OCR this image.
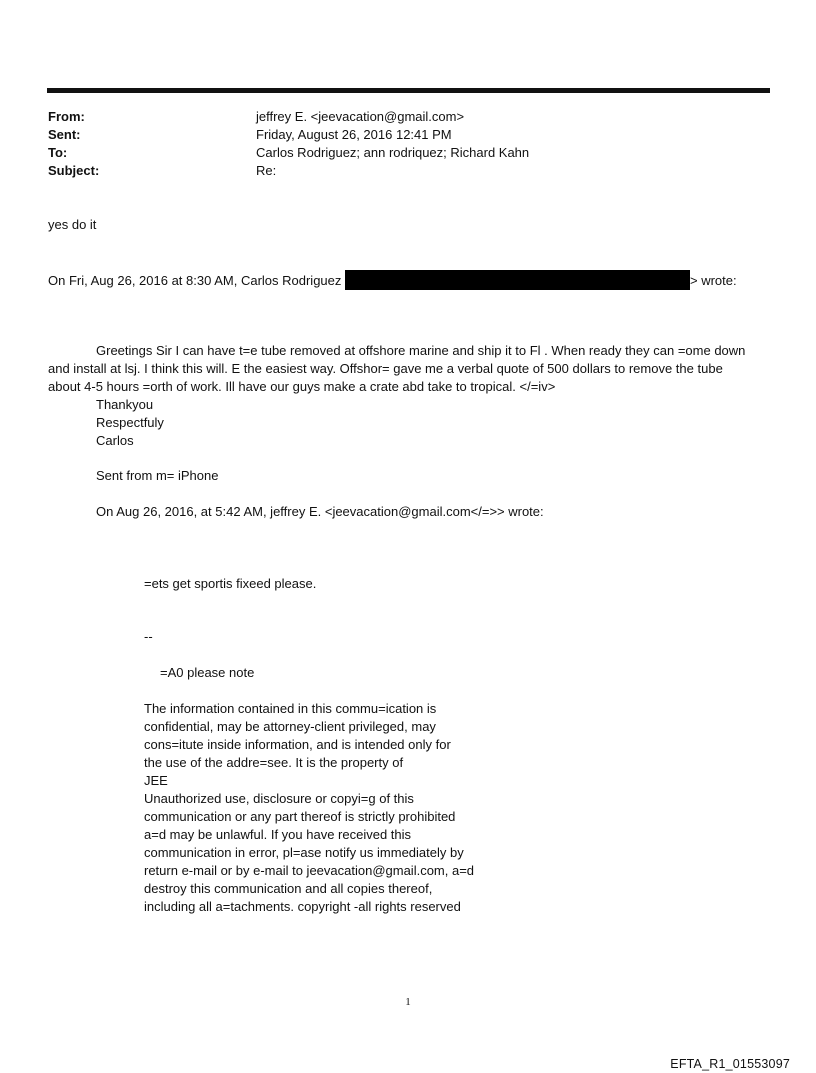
From:	jeffrey E. <jeevacation@gmail.com>
Sent:	Friday, August 26, 2016 12:41 PM
To:	Carlos Rodriguez; ann rodriquez; Richard Kahn
Subject:	Re:
yes do it
On Fri, Aug 26, 2016 at 8:30 AM, Carlos Rodriguez	> wrote:
Greetings Sir I can have t=e tube removed at offshore marine and ship it to Fl . When ready they can =ome down
and install at lsj. I think this will. E the easiest way. Offshor= gave me a verbal quote of 500 dollars to remove the tube
about 4-5 hours =orth of work. Ill have our guys make a crate abd take to tropical. </=iv>
Thankyou
Respectfuly
Carlos
Sent from m= iPhone
On Aug 26, 2016, at 5:42 AM, jeffrey E. <jeevacation@gmail.com</=>> wrote:
=ets get sportis fixeed please.
--
=A0 please note
The information contained in this commu=ication is
confidential, may be attorney-client privileged, may
cons=itute inside information, and is intended only for
the use of the addre=see. It is the property of
JEE
Unauthorized use, disclosure or copyi=g of this
communication or any part thereof is strictly prohibited
a=d may be unlawful. If you have received this
communication in error, pl=ase notify us immediately by
return e-mail or by e-mail to jeevacation@gmail.com, a=d
destroy this communication and all copies thereof,
including all a=tachments. copyright -all rights reserved
1
EFTA_R1_01553097
